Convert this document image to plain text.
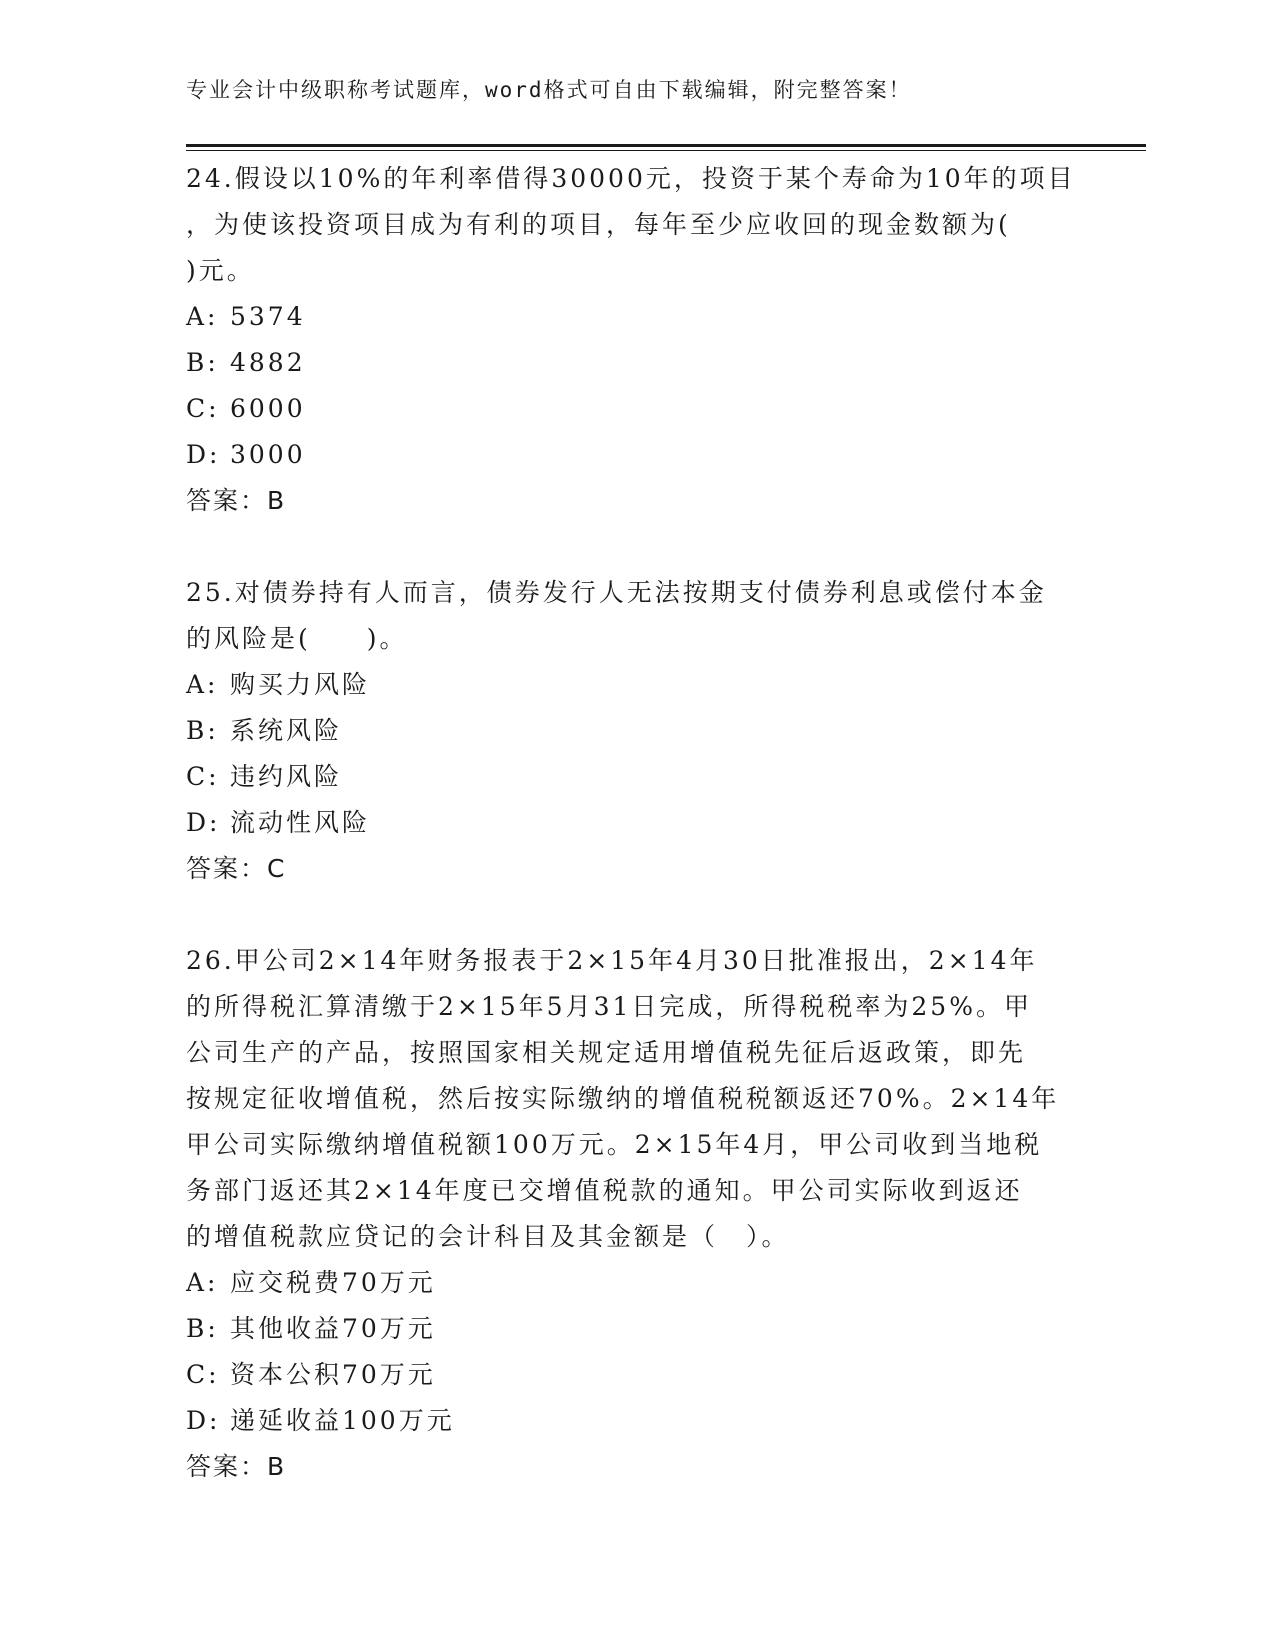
专业会计中级职称考试题库，word格式可自由下载编辑，附完整答案！
24.假设以10%的年利率借得30000元，投资于某个寿命为10年的项目
，为使该投资项目成为有利的项目，每年至少应收回的现金数额为(
)元。
A: 5374
B: 4882
C: 6000
D: 3000
答案：B
25.对债券持有人而言，债券发行人无法按期支付债券利息或偿付本金
的风险是(　　)。
A: 购买力风险
B: 系统风险
C: 违约风险
D: 流动性风险
答案：C
26.甲公司2×14年财务报表于2×15年4月30日批准报出，2×14年
的所得税汇算清缴于2×15年5月31日完成，所得税税率为25%。甲
公司生产的产品，按照国家相关规定适用增值税先征后返政策，即先
按规定征收增值税，然后按实际缴纳的增值税税额返还70%。2×14年
甲公司实际缴纳增值税额100万元。2×15年4月，甲公司收到当地税
务部门返还其2×14年度已交增值税款的通知。甲公司实际收到返还
的增值税款应贷记的会计科目及其金额是（　）。
A: 应交税费70万元
B: 其他收益70万元
C: 资本公积70万元
D: 递延收益100万元
答案：B
